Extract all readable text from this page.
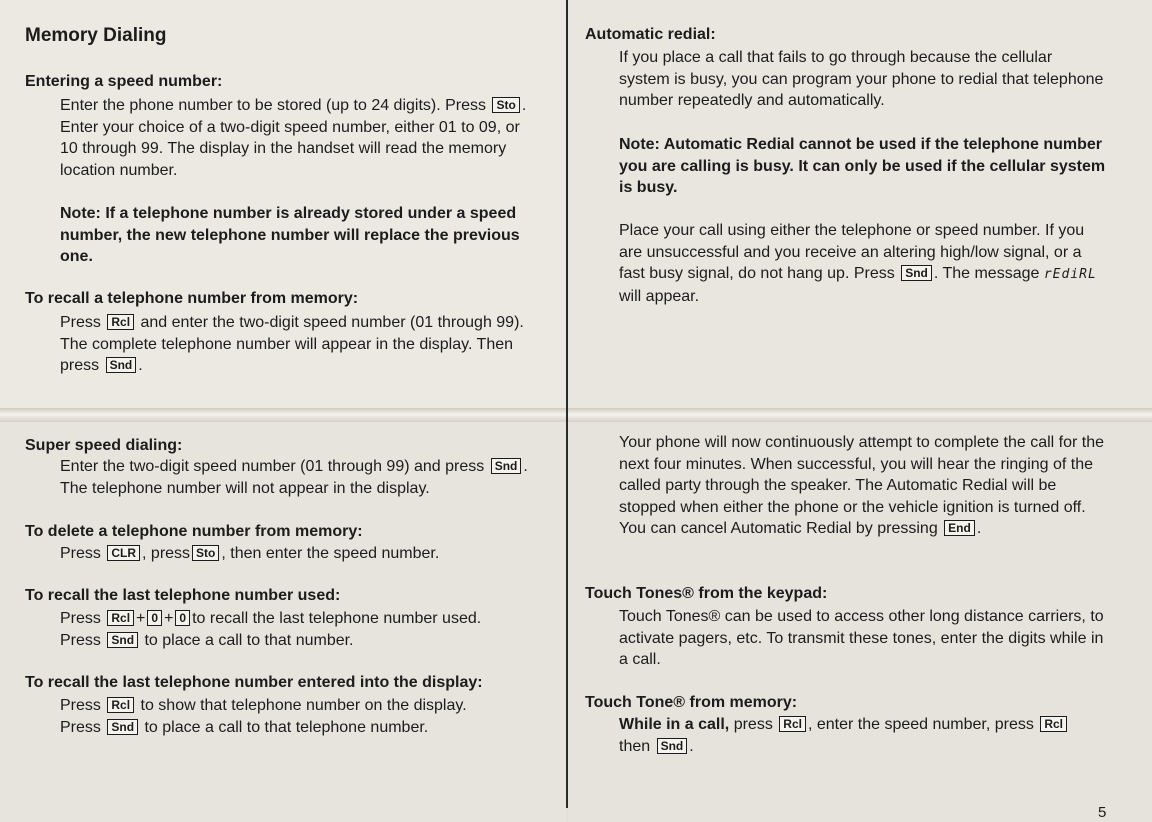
Memory Dialing
Entering a speed number:

Enter the phone number to be stored (up to 24 digits). Press Sto . Enter your choice of a two-digit speed number, either 01 to 09, or 10 through 99. The display in the handset will read the memory location number.

Note: If a telephone number is already stored under a speed number, the new telephone number will replace the previous one.

To recall a telephone number from memory:

Press Rcl and enter the two-digit speed number (01 through 99). The complete telephone number will appear in the display. Then press Snd .

Super speed dialing:

Enter the two-digit speed number (01 through 99) and press Snd . The telephone number will not appear in the display.

To delete a telephone number from memory:

Press CLR , press Sto , then enter the speed number.

To recall the last telephone number used:

Press Rcl + 0 + 0 to recall the last telephone number used.

Press Snd to place a call to that number.

To recall the last telephone number entered into the display:

Press Rcl to show that telephone number on the display.

Press Snd to place a call to that telephone number.

Automatic redial:

If you place a call that fails to go through because the cellular system is busy, you can program your phone to redial that telephone number repeatedly and automatically.

Note: Automatic Redial cannot be used if the telephone number you are calling is busy. It can only be used if the cellular system is busy.

Place your call using either the telephone or speed number. If you are unsuccessful and you receive an altering high/low signal, or a fast busy signal, do not hang up. Press Snd . The message rEdiRL will appear.

Your phone will now continuously attempt to complete the call for the next four minutes. When successful, you will hear the ringing of the called party through the speaker. The Automatic Redial will be stopped when either the phone or the vehicle ignition is turned off. You can cancel Automatic Redial by pressing End .

Touch Tones® from the keypad:

Touch Tones® can be used to access other long distance carriers, to activate pagers, etc. To transmit these tones, enter the digits while in a call.

Touch Tone® from memory:

While in a call, press Rcl , enter the speed number, press Rclthen Snd .

5
